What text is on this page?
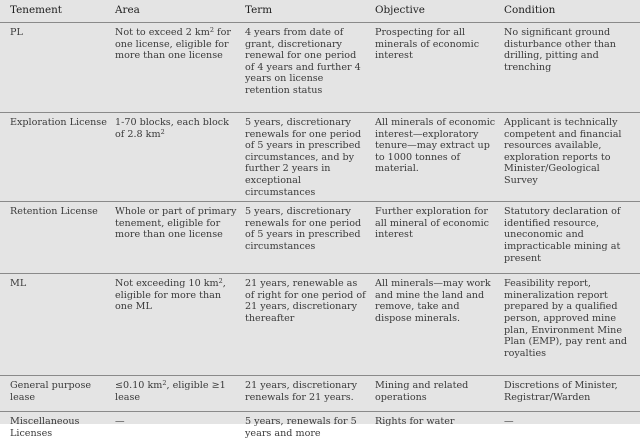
Tenement	Area	Term	Objective	Condition
PL	Not to exceed 2 $km^2$ for one license, eligible for more than one license	4 years from date of grant, discretionary renewal for one period of 4 years and further 4 years on license retention status	Prospecting for all minerals of economic interest	No significant ground disturbance other than drilling, pitting and trenching
Exploration License	1-70 blocks, each block of 2.8 $km^2$	5 years, discretionary renewals for one period of 5 years in prescribed circumstances, and by further 2 years in exceptional circumstances	All minerals of economic interest—exploratory tenure—may extract up to 1000 tonnes of material.	Applicant is technically competent and financial resources available, exploration reports to Minister/Geological Survey
Retention License	Whole or part of primary tenement, eligible for more than one license	5 years, discretionary renewals for one period of 5 years in prescribed circumstances	Further exploration for all mineral of economic interest	Statutory declaration of identified resource, uneconomic and impracticable mining at present
ML	Not exceeding 10 $km^2$, eligible for more than one ML	21 years, renewable as of right for one period of 21 years, discretionary thereafter	All minerals—may work and mine the land and remove, take and dispose minerals.	Feasibility report, mineralization report prepared by a qualified person, approved mine plan, Environment Mine Plan (EMP), pay rent and royalties
General purpose lease	≤0.10 $km^2$, eligible ≥1 lease	21 years, discretionary renewals for 21 years.	Mining and related operations	Discretions of Minister, Registrar/Warden
Miscellaneous Licenses	—	5 years, renewals for 5 years and more	Rights for water	—
